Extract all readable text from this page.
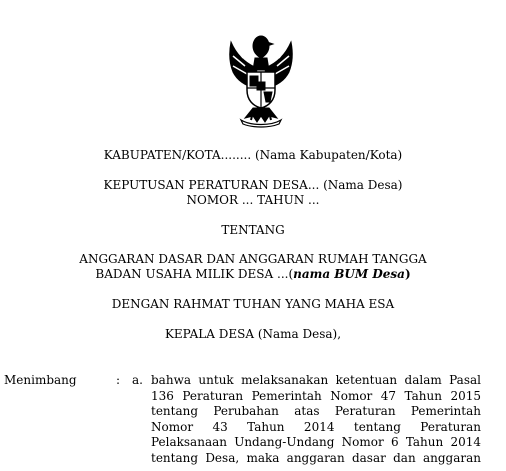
KABUPATEN/KOTA........ (Nama Kabupaten/Kota)
KEPUTUSAN PERATURAN DESA... (Nama Desa)
NOMOR ... TAHUN ...
TENTANG
ANGGARAN DASAR DAN ANGGARAN RUMAH TANGGA
BADAN USAHA MILIK DESA ...(nama BUM Desa)
DENGAN RAHMAT TUHAN YANG MAHA ESA
KEPALA DESA (Nama Desa),
Menimbang	: a. bahwa untuk melaksanakan ketentuan dalam Pasal
136 Peraturan Pemerintah Nomor 47 Tahun 2015
tentang Perubahan atas Peraturan Pemerintah
Nomor 43 Tahun 2014 tentang Peraturan
Pelaksanaan Undang-Undang Nomor 6 Tahun 2014
tentang Desa, maka anggaran dasar dan anggaran
